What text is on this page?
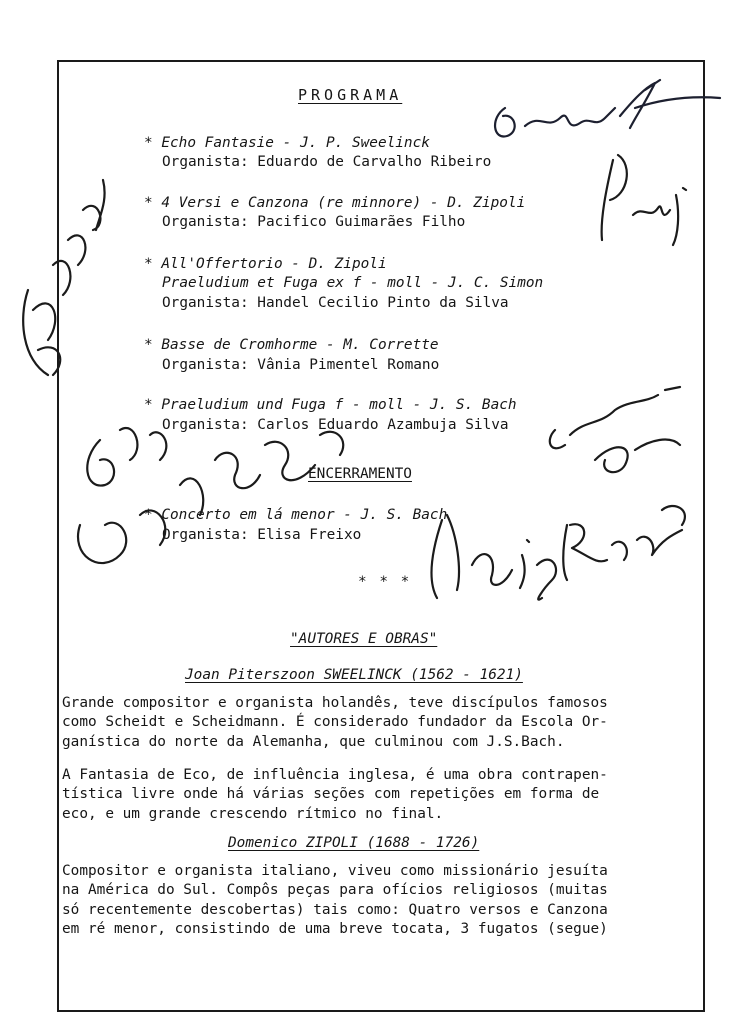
PROGRAMA
* Echo Fantasie - J. P. Sweelinck
Organista: Eduardo de Carvalho Ribeiro
* 4 Versi e Canzona (re minnore) - D. Zipoli
Organista: Pacifico Guimarães Filho
* All'Offertorio - D. Zipoli
Praeludium et Fuga ex f - moll - J. C. Simon
Organista: Handel Cecilio Pinto da Silva
* Basse de Cromhorme - M. Corrette
Organista: Vânia Pimentel Romano
* Praeludium und Fuga f - moll - J. S. Bach
Organista: Carlos Eduardo Azambuja Silva
ENCERRAMENTO
* Concerto em lá menor - J. S. Bach
Organista: Elisa Freixo
* * *
"AUTORES E OBRAS"
Joan Piterszoon SWEELINCK (1562 - 1621)
Grande compositor e organista holandês, teve discípulos famosos
como Scheidt e Scheidmann. É considerado fundador da Escola Or-
ganística do norte da Alemanha, que culminou com J.S.Bach.
A Fantasia de Eco, de influência inglesa, é uma obra contrapen-
tística livre onde há várias seções com repetições em forma de
eco, e um grande crescendo rítmico no final.
Domenico ZIPOLI (1688 - 1726)
Compositor e organista italiano, viveu como missionário jesuíta
na América do Sul. Compôs peças para ofícios religiosos (muitas
só recentemente descobertas) tais como: Quatro versos e Canzona
em ré menor, consistindo de uma breve tocata, 3 fugatos (segue)
